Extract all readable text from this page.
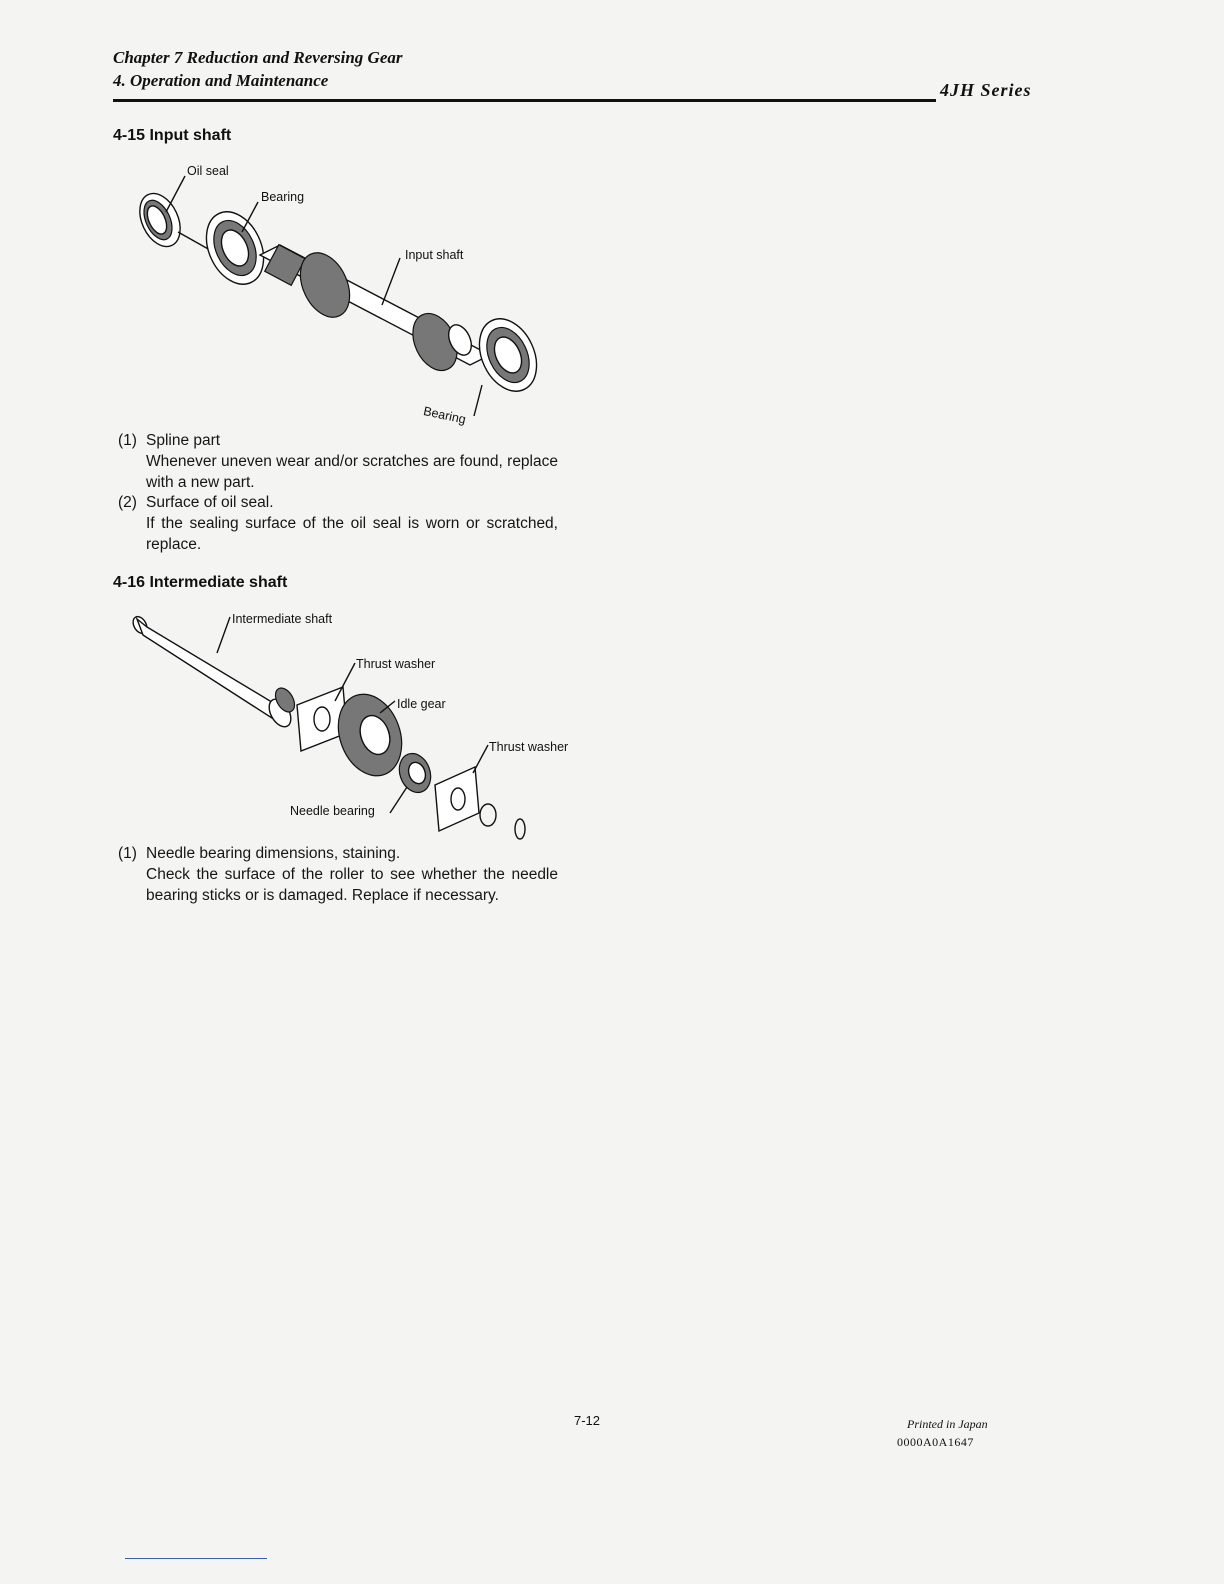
Chapter 7 Reduction and Reversing Gear
4. Operation and Maintenance	4JH Series
4-15 Input shaft
Oil seal
Bearing
Input shaft
Bearing
(1) Spline part
Whenever uneven wear and/or scratches are found, replace with a new part.
(2) Surface of oil seal.
If the sealing surface of the oil seal is worn or scratched, replace.
4-16 Intermediate shaft
Intermediate shaft
Thrust washer
Idle gear
Thrust washer
Needle bearing
(1) Needle bearing dimensions, staining.
Check the surface of the roller to see whether the needle bearing sticks or is damaged. Replace if necessary.
7-12	Printed in Japan
0000A0A1647
